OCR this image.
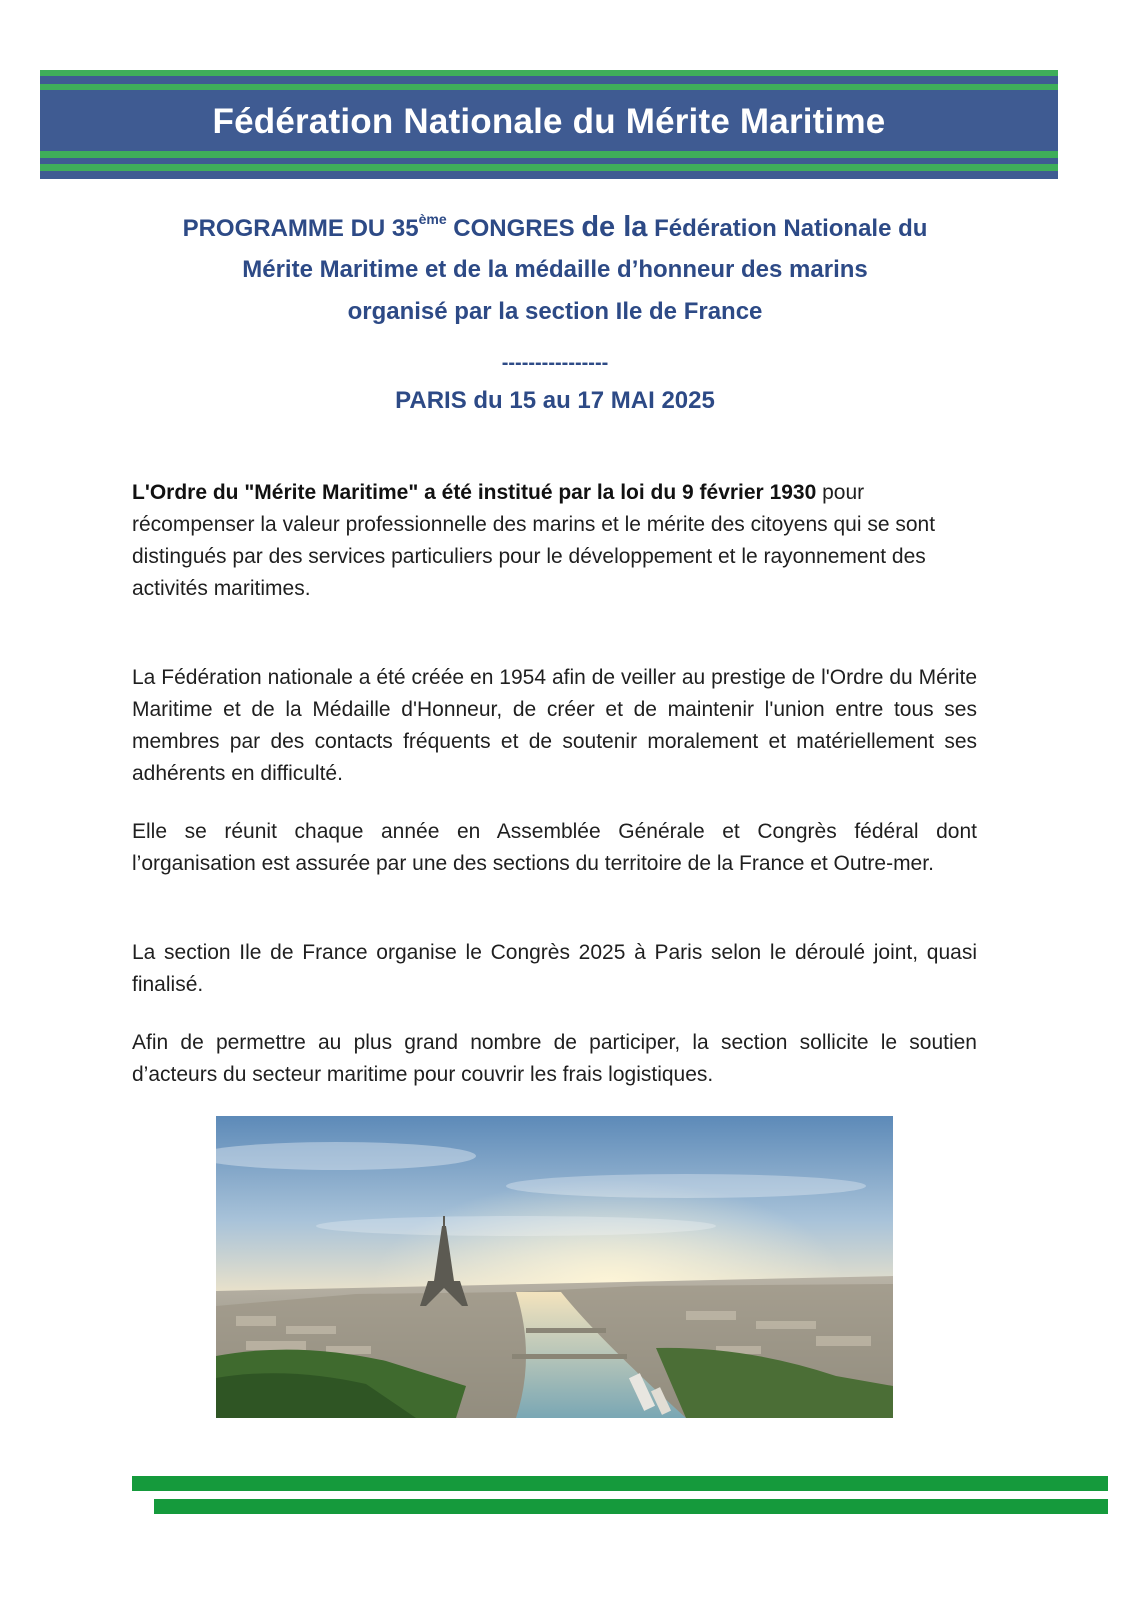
Fédération Nationale du Mérite Maritime

PROGRAMME DU 35ème CONGRES de la Fédération Nationale du

Mérite Maritime et de la médaille d’honneur des marins

organisé par la section Ile de France

----------------
PARIS du 15 au 17 MAI 2025

L'Ordre du "Mérite Maritime" a été institué par la loi du 9 février 1930 pour récompenser la valeur professionnelle des marins et le mérite des citoyens qui se sont distingués par des services particuliers pour le développement et le rayonnement des activités maritimes.

La Fédération nationale a été créée en 1954 afin de veiller au prestige de l'Ordre du Mérite Maritime et de la Médaille d'Honneur, de créer et de maintenir l'union entre tous ses membres par des contacts fréquents et de soutenir moralement et matériellement ses adhérents en difficulté.

Elle se réunit chaque année en Assemblée Générale et Congrès fédéral dont l’organisation est assurée par une des sections du territoire de la France et Outre-mer.

La section Ile de France organise le Congrès 2025 à Paris selon le déroulé joint, quasi finalisé.

Afin de permettre au plus grand nombre de participer, la section sollicite le soutien d’acteurs du secteur maritime pour couvrir les frais logistiques.
